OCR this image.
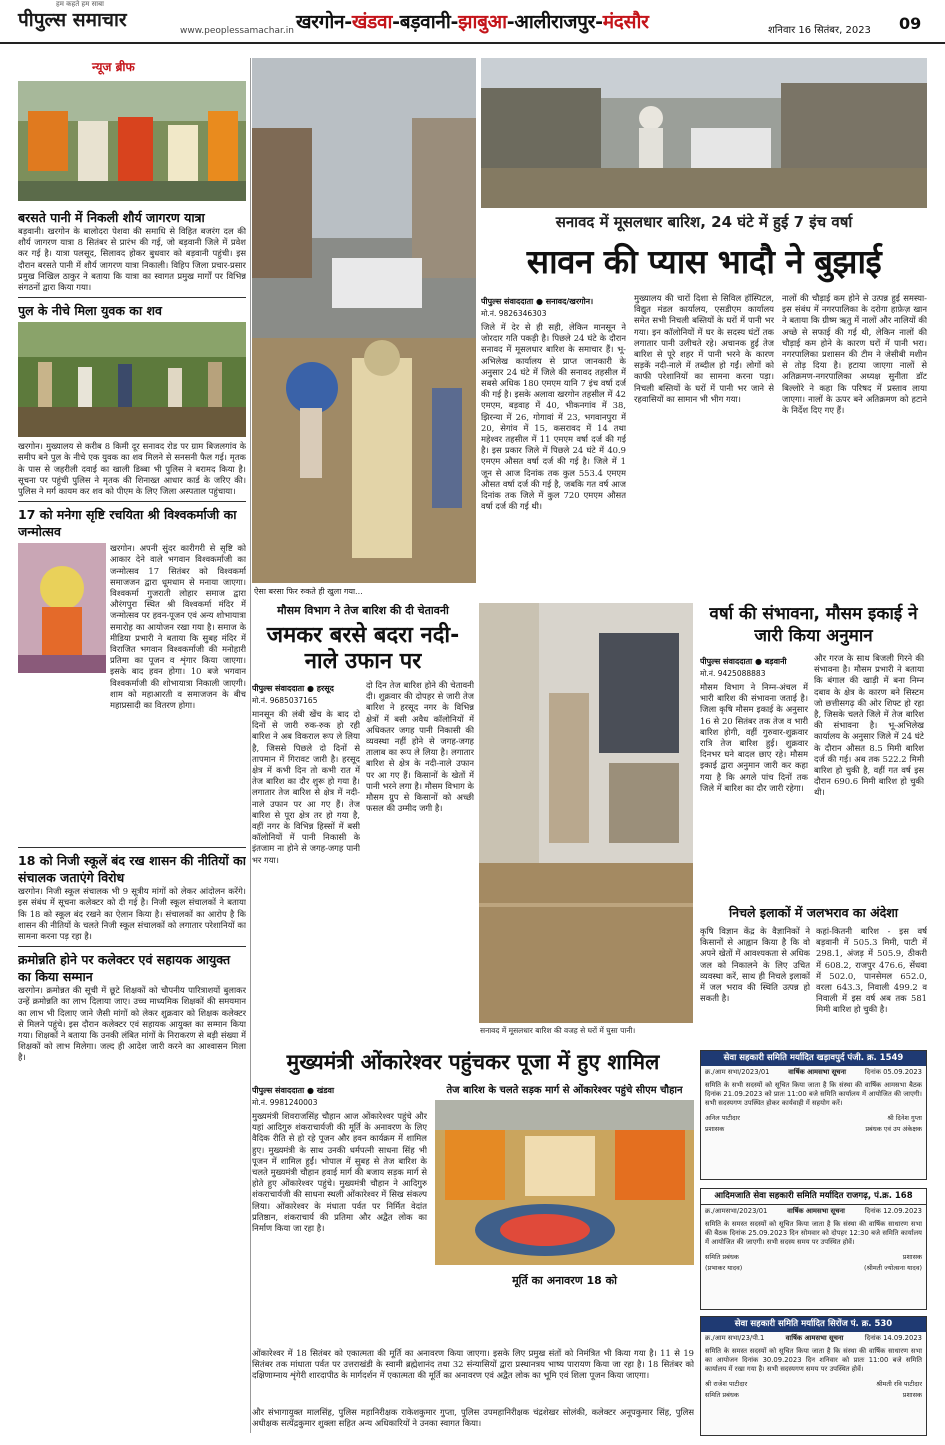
हम कहते हम साबा
पीपुल्स समाचार	www.peoplessamachar.in खरगोन-खंडवा-बड़वानी-झाबुआ-आलीराजपुर-मंदसौर	शनिवार 16 सितंबर, 2023 09
न्यूज ब्रीफ
बरसते पानी में निकली शौर्य जागरण यात्रा
बड़वानी। खरगोन के बालोदरा पेशवा की समाधि से विहित बजरंग दल की शौर्य जागरण यात्रा 8 सितंबर से प्रारंभ की गई, जो बड़वानी जिले में प्रवेश कर गई है। यात्रा पलसूद, सिलावद होकर बुधवार को बड़वानी पहुंची। इस दौरान बरसते पानी में शौर्य जागरण यात्रा निकाली। विहिप जिला प्रचार-प्रसार प्रमुख निखिल ठाकुर ने बताया कि यात्रा का स्वागत प्रमुख मार्गों पर विभिन्न संगठनों द्वारा किया गया।
पुल के नीचे मिला युवक का शव
खरगोन। मुख्यालय से करीब 8 किमी दूर सनावद रोड पर ग्राम बिजलगांव के समीप बने पुल के नीचे एक युवक का शव मिलने से सनसनी फैल गई। मृतक के पास से जहरीली दवाई का खाली डिब्बा भी पुलिस ने बरामद किया है। सूचना पर पहुंची पुलिस ने मृतक की शिनाख्त आधार कार्ड के जरिए की। पुलिस ने मर्ग कायम कर शव को पीएम के लिए जिला अस्पताल पहुंचाया।
17 को मनेगा सृष्टि रचयिता श्री विश्वकर्माजी का जन्मोत्सव
खरगोन। अपनी सुंदर कारीगरी से सृष्टि को आकार देने वाले भगवान विश्वकर्माजी का जन्मोत्सव 17 सितंबर को विश्वकर्मा समाजजन द्वारा धूमधाम से मनाया जाएगा। विश्वकर्मा गुजराती लोहार समाज द्वारा औरंगपुरा स्थित श्री विश्वकर्मा मंदिर में जन्मोत्सव पर हवन-पूजन एवं अन्य शोभायात्रा समारोह का आयोजन रखा गया है। समाज के मीडिया प्रभारी ने बताया कि सुबह मंदिर में विराजित भगवान विश्वकर्माजी की मनोहारी प्रतिमा का पूजन व शृंगार किया जाएगा। इसके बाद हवन होगा। 10 बजे भगवान विश्वकर्माजी की शोभायात्रा निकाली जाएगी। शाम को महाआरती व समाजजन के बीच महाप्रसादी का वितरण होगा।
18 को निजी स्कूलें बंद रख शासन की नीतियों का संचालक जताएंगे विरोध
खरगोन। निजी स्कूल संचालक भी 9 सूत्रीय मांगों को लेकर आंदोलन करेंगे। इस संबंध में सूचना कलेक्टर को दी गई है। निजी स्कूल संचालकों ने बताया कि 18 को स्कूल बंद रखने का ऐलान किया है। संचालकों का आरोप है कि शासन की नीतियों के चलते निजी स्कूल संचालकों को लगातार परेशानियों का सामना करना पड़ रहा है।
क्रमोन्नति होने पर कलेक्टर एवं सहायक आयुक्त का किया सम्मान
खरगोन। क्रमोन्नत की सूची में छूटे शिक्षकों को चौपनीय पारित्राशयों बुलाकर उन्हें क्रमोन्नति का लाभ दिलाया जाए। उच्च माध्यमिक शिक्षकों की समयमान का लाभ भी दिलाए जाने जैसी मांगों को लेकर शुक्रवार को शिक्षक कलेक्टर से मिलने पहुंचे। इस दौरान कलेक्टर एवं सहायक आयुक्त का सम्मान किया गया। शिक्षकों ने बताया कि उनकी लंबित मांगों के निराकरण से बड़ी संख्या में शिक्षकों को लाभ मिलेगा। जल्द ही आदेश जारी करने का आश्वासन मिला है।
ऐसा बरसा फिर रुकते ही खुला गया...
सनावद में मूसलधार बारिश, 24 घंटे में हुई 7 इंच वर्षा
सावन की प्यास भादौ ने बुझाई
पीपुल्स संवाददाता ● सनावद/खरगोन।
मो.नं. 9826346303
जिले में देर से ही सही, लेकिन मानसून ने जोरदार गति पकड़ी है। पिछले 24 घंटे के दौरान सनावद में मूसलधार बारिश के समाचार हैं। भू-अभिलेख कार्यालय से प्राप्त जानकारी के अनुसार 24 घंटे में जिले की सनावद तहसील में सबसे अधिक 180 एमएम यानि 7 इंच वर्षा दर्ज की गई है। इसके अलावा खरगोन तहसील में 42 एमएम, बड़वाह में 40, भीकनगांव में 38, झिरन्या में 26, गोगावां में 23, भगवानपुरा में 20, सेगांव में 15, कसरावद में 14 तथा महेश्वर तहसील में 11 एमएम वर्षा दर्ज की गई है। इस प्रकार जिले में पिछले 24 घंटे में 40.9 एमएम औसत वर्षा दर्ज की गई है। जिले में 1 जून से आज दिनांक तक कुल 553.4 एमएम औसत वर्षा दर्ज की गई है, जबकि गत वर्ष आज दिनांक तक जिले में कुल 720 एमएम औसत वर्षा दर्ज की गई थी।
मुख्यालय की चारों दिशा से सिविल हॉस्पिटल, विद्युत मंडल कार्यालय, एसडीएम कार्यालय समेत सभी निचली बस्तियों के घरों में पानी भर गया। इन कॉलोनियों में घर के सदस्य घंटों तक लगातार पानी उलीचते रहे। अचानक हुई तेज बारिश से पूरे शहर में पानी भरने के कारण सड़कें नदी-नाले में तब्दील हो गईं। लोगों को काफी परेशानियों का सामना करना पड़ा। निचली बस्तियों के घरों में पानी भर जाने से रहवासियों का सामान भी भीग गया।
नालों की चौड़ाई कम होने से उत्पन्न हुई समस्या-इस संबंध में नगरपालिका के दरोगा हाफ़ेज़ खान ने बताया कि ग्रीष्म ऋतु में नालों और नालियों की अच्छे से सफाई की गई थी, लेकिन नालों की चौड़ाई कम होने के कारण घरों में पानी भरा। नगरपालिका प्रशासन की टीम ने जेसीबी मशीन से तोड़ दिया है। हटाया जाएगा नालों से अतिक्रमण-नगरपालिका अध्यक्ष सुनीता डॉट बिल्लोरे ने कहा कि परिषद में प्रस्ताव लाया जाएगा। नालों के ऊपर बने अतिक्रमण को हटाने के निर्देश दिए गए हैं।
मौसम विभाग ने तेज बारिश की दी चेतावनी
जमकर बरसे बदरा नदी-नाले उफान पर
पीपुल्स संवाददाता ● हरसूद
मो.नं. 9685037165
मानसून की लंबी खेंच के बाद दो दिनों से जारी रुक-रुक हो रही बारिश ने अब विकराल रूप ले लिया है, जिससे पिछले दो दिनों से तापमान में गिरावट जारी है। हरसूद क्षेत्र में कभी दिन तो कभी रात में तेज बारिश का दौर शुरू हो गया है। लगातार तेज बारिश से क्षेत्र में नदी-नाले उफान पर आ गए हैं। तेज बारिश से पूरा क्षेत्र तर हो गया है, वहीं नगर के विभिन्न हिस्सों में बसी कॉलोनियों में पानी निकासी के इंतजाम ना होने से जगह-जगह पानी भर गया।
दो दिन तेज बारिश होने की चेतावनी दी। शुक्रवार की दोपहर से जारी तेज बारिश ने हरसूद नगर के विभिन्न क्षेत्रों में बसी अवैध कॉलोनियों में अधिकतर जगह पानी निकासी की व्यवस्था नहीं होने से जगह-जगह तालाब का रूप ले लिया है। लगातार बारिश से क्षेत्र के नदी-नाले उफान पर आ गए हैं। किसानों के खेतों में पानी भरने लगा है। मौसम विभाग के मौसम ग्रुप से किसानों को अच्छी फसल की उम्मीद जगी है।
सनावद में मूसलधार बारिश की वजह से घरों में घुसा पानी।
वर्षा की संभावना, मौसम इकाई ने जारी किया अनुमान
पीपुल्स संवाददाता ● बड़वानी
मो.नं. 9425088883
मौसम विभाग ने निम्न-अंचल में भारी बारिश की संभावना जताई है। जिला कृषि मौसम इकाई के अनुसार 16 से 20 सितंबर तक तेज व भारी बारिश होगी, वहीं गुरुवार-शुक्रवार रात्रि तेज बारिश हुई। शुक्रवार दिनभर घने बादल छाए रहे। मौसम इकाई द्वारा अनुमान जारी कर कहा गया है कि अगले पांच दिनों तक जिले में बारिश का दौर जारी रहेगा।
और गरज के साथ बिजली गिरने की संभावना है। मौसम प्रभारी ने बताया कि बंगाल की खाड़ी में बना निम्न दबाव के क्षेत्र के कारण बने सिस्टम जो छत्तीसगढ़ की ओर शिफ्ट हो रहा है, जिसके चलते जिले में तेज बारिश की संभावना है। भू-अभिलेख कार्यालय के अनुसार जिले में 24 घंटे के दौरान औसत 8.5 मिमी बारिश दर्ज की गई। अब तक 522.2 मिमी बारिश हो चुकी है, वहीं गत वर्ष इस दौरान 690.6 मिमी बारिश हो चुकी थी।
निचले इलाकों में जलभराव का अंदेशा
कृषि विज्ञान केंद्र के वैज्ञानिकों ने किसानों से आह्वान किया है कि वो अपने खेतों में आवश्यकता से अधिक जल को निकालने के लिए उचित व्यवस्था करें, साथ ही निचले इलाकों में जल भराव की स्थिति उत्पन्न हो सकती है।
कहां-कितनी बारिश - इस वर्ष बड़वानी में 505.3 मिमी, पाटी में 298.1, अंजड़ में 505.9, ठीकरी में 608.2, राजपुर 476.6, सेंधवा में 502.0, पानसेमल 652.0, वरला 643.3, निवाली 499.2 व निवाली में इस वर्ष अब तक 581 मिमी बारिश हो चुकी है।
मुख्यमंत्री ओंकारेश्वर पहुंचकर पूजा में हुए शामिल
पीपुल्स संवाददाता ● खंडवा
मो.नं. 9981240003
मुख्यमंत्री शिवराजसिंह चौहान आज ओंकारेश्वर पहुंचे और यहां आदिगुरु शंकराचार्यजी की मूर्ति के अनावरण के लिए वैदिक रीति से हो रहे पूजन और हवन कार्यक्रम में शामिल हुए। मुख्यमंत्री के साथ उनकी धर्मपत्नी साधना सिंह भी पूजन में शामिल हुईं। भोपाल में सुबह से तेज बारिश के चलते मुख्यमंत्री चौहान हवाई मार्ग की बजाय सड़क मार्ग से होते हुए ओंकारेश्वर पहुंचे। मुख्यमंत्री चौहान ने आदिगुरु शंकराचार्यजी की साधना स्थली ओंकारेश्वर में सिख संकल्प लिया। ओंकारेश्वर के मंधाता पर्वत पर निर्मित वेदांत प्रतिष्ठान, शंकराचार्य की प्रतिमा और अद्वैत लोक का निर्माण किया जा रहा है।
तेज बारिश के चलते सड़क मार्ग से ओंकारेश्वर पहुंचे सीएम चौहान
मूर्ति का अनावरण 18 को
ओंकारेश्वर में 18 सितंबर को एकात्मता की मूर्ति का अनावरण किया जाएगा। इसके लिए प्रमुख संतों को निमंत्रित भी किया गया है। 11 से 19 सितंबर तक मांधाता पर्वत पर उत्तराखंडी के स्वामी ब्रह्मेशानंद तथा 32 संन्यासियों द्वारा प्रस्थानत्रय भाष्य पारायण किया जा रहा है। 18 सितंबर को दक्षिणाम्नाय शृंगेरी शारदापीठ के मार्गदर्शन में एकात्मता की मूर्ति का अनावरण एवं अद्वैत लोक का भूमि एवं शिला पूजन किया जाएगा।
और संभागायुक्त मालसिंह, पुलिस महानिरीक्षक राकेशकुमार गुप्ता, पुलिस उपमहानिरीक्षक चंद्रशेखर सोलंकी, कलेक्टर अनूपकुमार सिंह, पुलिस अधीक्षक सत्येंद्रकुमार शुक्ला सहित अन्य अधिकारियों ने उनका स्वागत किया।
सेवा सहकारी समिति मर्यादित खड़ावपुर्द पंजी. क्र. 1549
क्र./आम सभा/2023/01	वार्षिक आमसभा सूचना	दिनांक 05.09.2023
समिति के सभी सदस्यों को सूचित किया जाता है कि संस्था की वार्षिक आमसभा बैठक दिनांक 21.09.2023 को प्रातः 11:00 बजे समिति कार्यालय में आयोजित की जाएगी। सभी सदस्यगण उपस्थित होकर कार्यवाही में सहयोग करें।
अनिल पाटीदार	श्री दिनेश गुप्ता
प्रशासक	प्रबंधक एवं उप अंकेक्षक
आदिमजाति सेवा सहकारी समिति मर्यादित राजगढ़, पं.क्र. 168
क्र./आमसभा/2023/01	वार्षिक आमसभा सूचना	दिनांक 12.09.2023
समिति के समस्त सदस्यों को सूचित किया जाता है कि संस्था की वार्षिक साधारण सभा की बैठक दिनांक 25.09.2023 दिन सोमवार को दोपहर 12:30 बजे समिति कार्यालय में आयोजित की जाएगी। सभी सदस्य समय पर उपस्थित होवें।
समिति प्रबंधक	प्रशासक
(प्रभाकर यादव)	(श्रीमती ज्योत्सना यादव)
सेवा सहकारी समिति मर्यादित सिरोंज पं. क्र. 530
क्र./आम सभा/23/पी.1	वार्षिक आमसभा सूचना	दिनांक 14.09.2023
समिति के समस्त सदस्यों को सूचित किया जाता है कि संस्था की वार्षिक साधारण सभा का आयोजन दिनांक 30.09.2023 दिन शनिवार को प्रातः 11:00 बजे समिति कार्यालय में रखा गया है। सभी सदस्यगण समय पर उपस्थित होवें।
श्री राजेश पाटीदार	श्रीमती रवि पाटीदार
समिति प्रबंधक	प्रशासक
